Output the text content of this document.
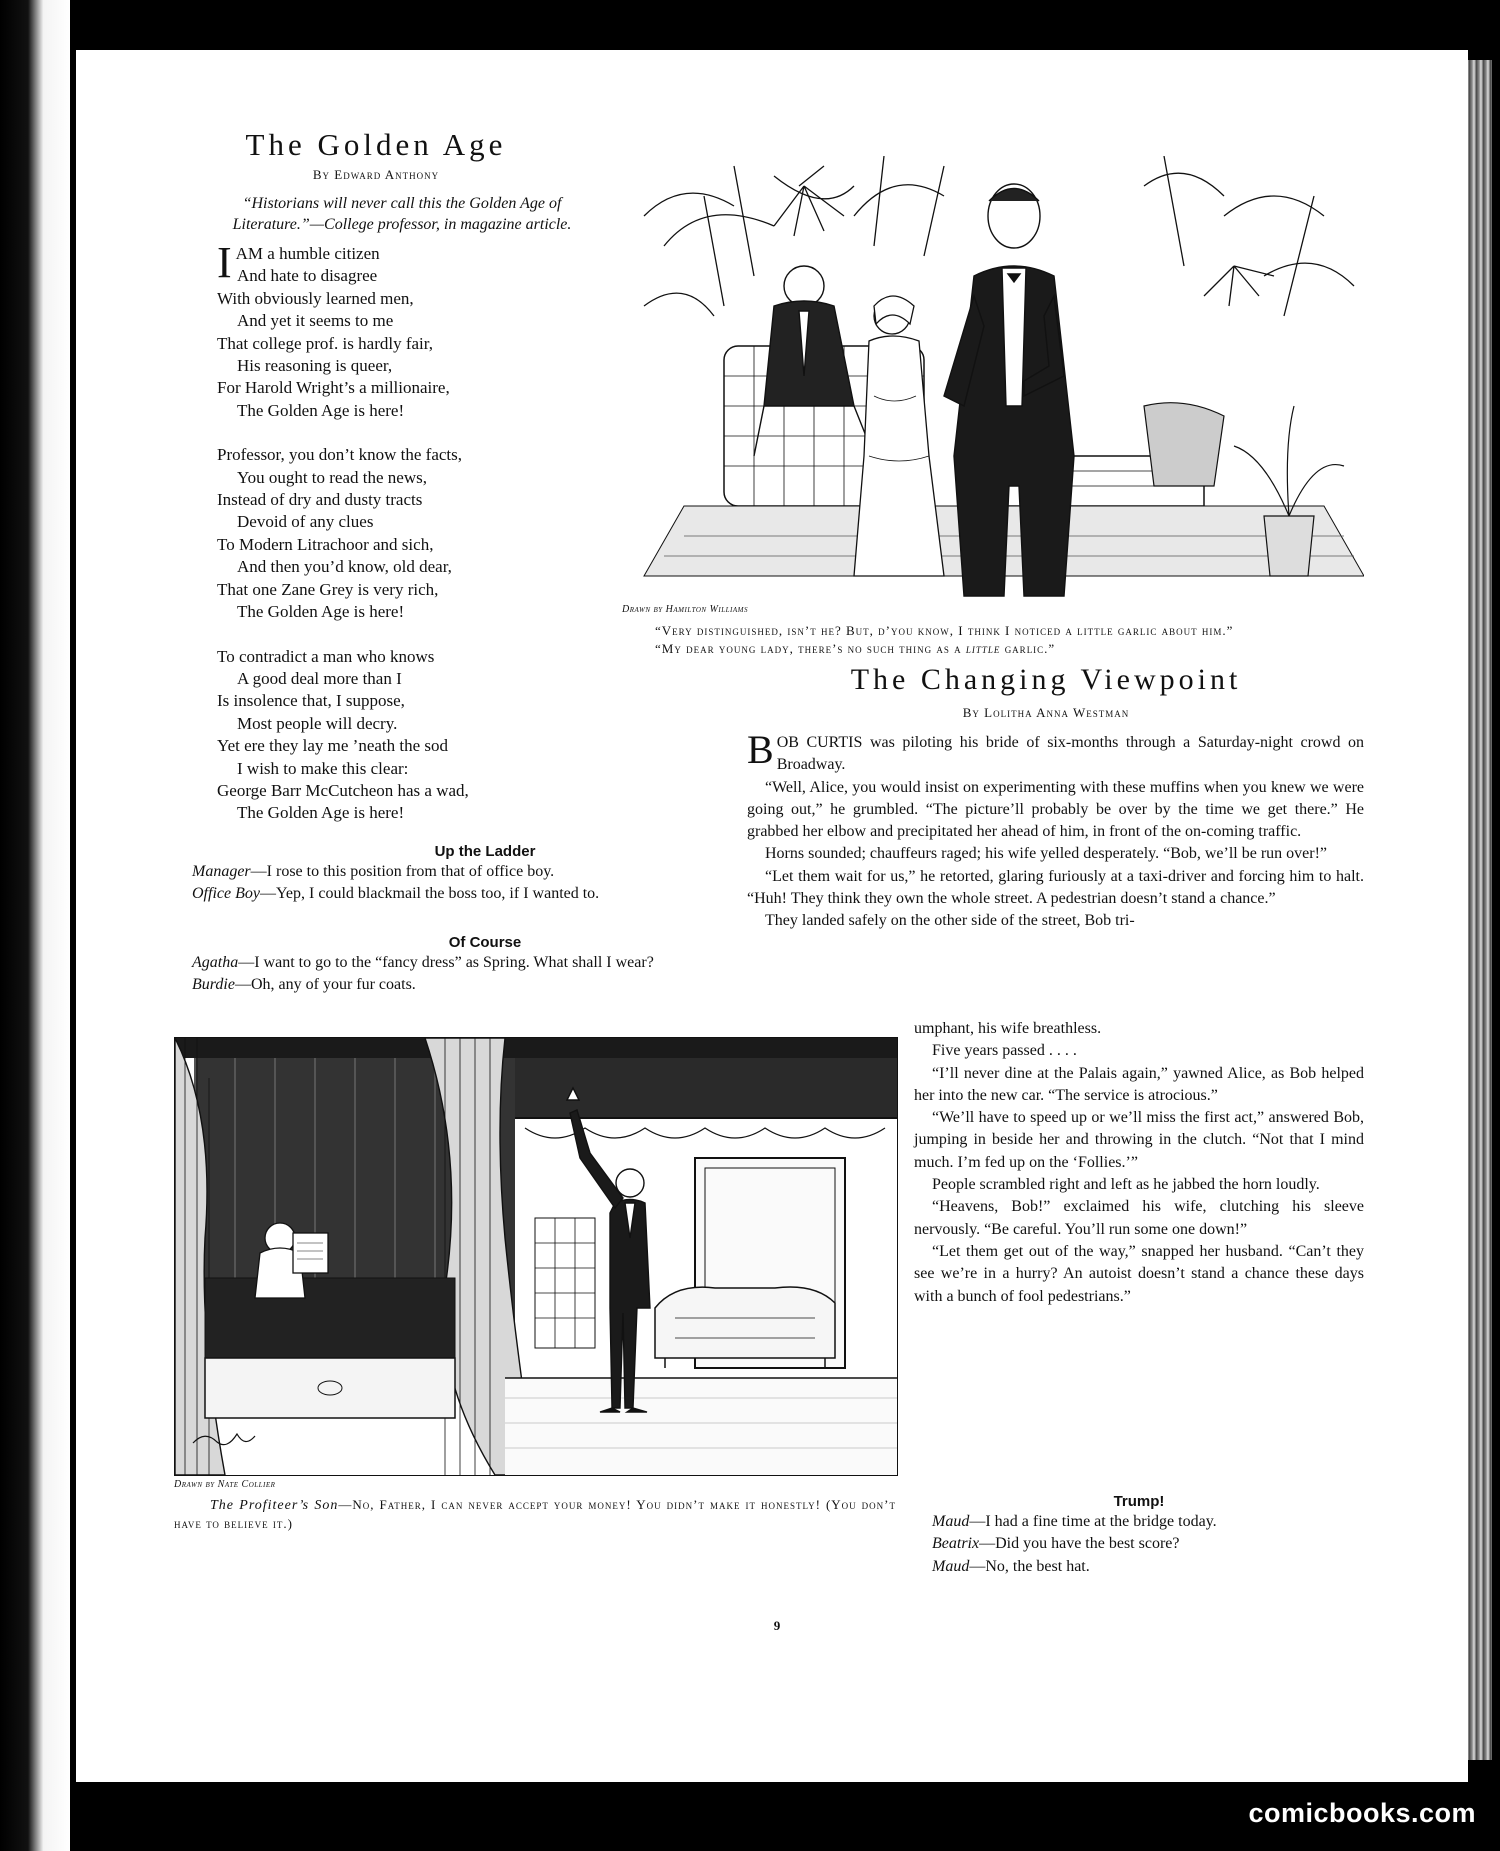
The Golden Age
By Edward Anthony
“Historians will never call this the Golden Age of
Literature.”—College professor, in magazine article.
I AM a humble citizen
And hate to disagree
With obviously learned men,
And yet it seems to me
That college prof. is hardly fair,
His reasoning is queer,
For Harold Wright’s a millionaire,
The Golden Age is here!
Professor, you don’t know the facts,
You ought to read the news,
Instead of dry and dusty tracts
Devoid of any clues
To Modern Litrachoor and sich,
And then you’d know, old dear,
That one Zane Grey is very rich,
The Golden Age is here!
To contradict a man who knows
A good deal more than I
Is insolence that, I suppose,
Most people will decry.
Yet ere they lay me ’neath the sod
I wish to make this clear:
George Barr McCutcheon has a wad,
The Golden Age is here!
Up the Ladder

Manager—I rose to this position from that of office boy.

Office Boy—Yep, I could blackmail the boss too, if I wanted to.

Of Course

Agatha—I want to go to the “fancy dress” as Spring. What shall I wear?

Burdie—Oh, any of your fur coats.

Drawn by Hamilton Williams
“Very distinguished, isn’t he? But, d’you know, I think I noticed a little garlic about him.”
“My dear young lady, there’s no such thing as a little garlic.”
The Changing Viewpoint
By Lolitha Anna Westman

BOB CURTIS was piloting his bride of six-months through a Saturday-night crowd on Broadway.

“Well, Alice, you would insist on experimenting with these muffins when you knew we were going out,” he grumbled. “The picture’ll probably be over by the time we get there.” He grabbed her elbow and precipitated her ahead of him, in front of the on-coming traffic.

Horns sounded; chauffeurs raged; his wife yelled desperately. “Bob, we’ll be run over!”

“Let them wait for us,” he retorted, glaring furiously at a taxi-driver and forcing him to halt. “Huh! They think they own the whole street. A pedestrian doesn’t stand a chance.”

They landed safely on the other side of the street, Bob tri-

umphant, his wife breathless.

Five years passed . . . .

“I’ll never dine at the Palais again,” yawned Alice, as Bob helped her into the new car. “The service is atrocious.”

“We’ll have to speed up or we’ll miss the first act,” answered Bob, jumping in beside her and throwing in the clutch. “Not that I mind much. I’m fed up on the ‘Follies.’”

People scrambled right and left as he jabbed the horn loudly.

“Heavens, Bob!” exclaimed his wife, clutching his sleeve nervously. “Be careful. You’ll run some one down!”

“Let them get out of the way,” snapped her husband. “Can’t they see we’re in a hurry? An autoist doesn’t stand a chance these days with a bunch of fool pedestrians.”

Trump!

Maud—I had a fine time at the bridge today.

Beatrix—Did you have the best score?

Maud—No, the best hat.

Drawn by Nate Collier
The Profiteer’s Son—No, Father, I can never accept your money! You didn’t make it honestly! (You don’t have to believe it.)
9
comicbooks.com
